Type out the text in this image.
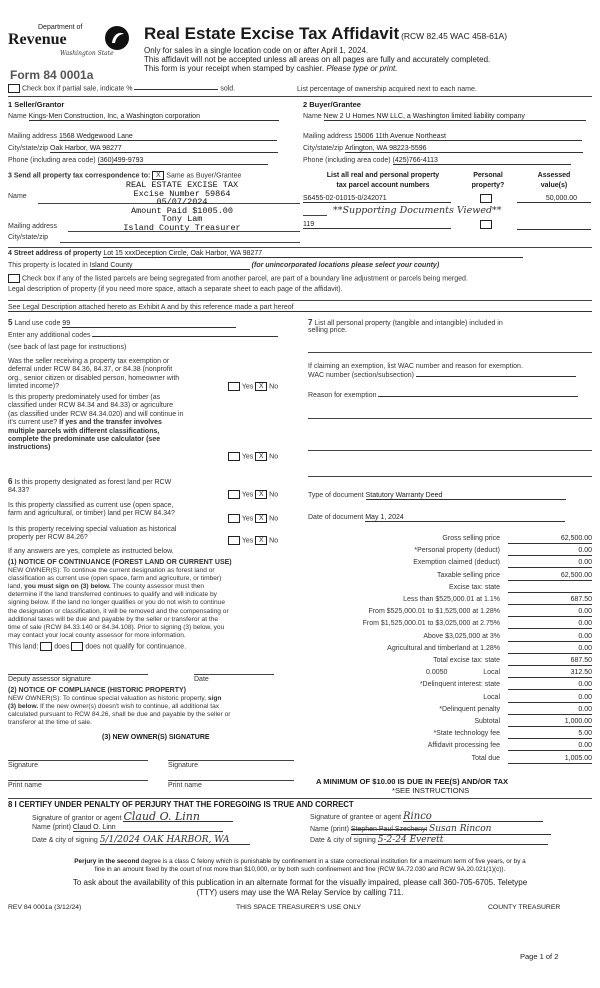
Department of
Revenue
Washington State
Form 84 0001a
Real Estate Excise Tax Affidavit (RCW 82.45 WAC 458-61A)
Only for sales in a single location code on or after April 1, 2024.
This affidavit will not be accepted unless all areas on all pages are fully and accurately completed.
This form is your receipt when stamped by cashier. Please type or print.
Check box if partial sale, indicate %	sold.	List percentage of ownership acquired next to each name.
1 Seller/Grantor
Name Kings-Men Construction, Inc, a Washington corporation
Mailing address 1568 Wedgewood Lane
City/state/zip Oak Harbor, WA 98277
Phone (including area code) (360)499-9793
2 Buyer/Grantee
Name New 2 U Homes NW LLC, a Washington limited liability company
Mailing address 15006 11th Avenue Northeast
City/state/zip Arlington, WA 98223-5596
Phone (including area code) (425)766-4113
3 Send all property tax correspondence to: X Same as Buyer/Grantee
Name
Mailing address
City/state/zip
REAL ESTATE EXCISE TAX
Excise Number 59864
05/07/2024
Amount Paid $1005.00
Tony Lam
Island County Treasurer
List all real and personal property
tax parcel account numbers
Personal
property?
Assessed
value(s)
S6455-02-01015-0/242071	50,000.00
**Supporting Documents Viewed**
119
4 Street address of property Lot 15 xxxDeception Circle, Oak Harbor, WA 98277
This property is located in Island County	(for unincorporated locations please select your county)
Check box if any of the listed parcels are being segregated from another parcel, are part of a boundary line adjustment or parcels being merged.
Legal description of property (if you need more space, attach a separate sheet to each page of the affidavit).
See Legal Description attached hereto as Exhibit A and by this reference made a part hereof
5 Land use code 99
Enter any additional codes
(see back of last page for instructions)
Was the seller receiving a property tax exemption or
deferral under RCW 84.36, 84.37, or 84.38 (nonprofit
org., senior citizen or disabled person, homeowner with
limited income)?	Yes X No
Is this property predominately used for timber (as
classified under RCW 84.34 and 84.33) or agriculture
(as classified under RCW 84.34.020) and will continue in
it's current use? If yes and the transfer involves
multiple parcels with different classifications,
complete the predominate use calculator (see
instructions)
Yes X No
7 List all personal property (tangible and intangible) included in
selling price.
If claiming an exemption, list WAC number and reason for exemption.
WAC number (section/subsection)
Reason for exemption
Type of document Statutory Warranty Deed
Date of document May 1, 2024
6 Is this property designated as forest land per RCW
84.33?
Yes X No
Is this property classified as current use (open space,
farm and agricultural, or timber) land per RCW 84.34?
Yes X No
Is this property receiving special valuation as historical
property per RCW 84.26?	Yes X No
If any answers are yes, complete as instructed below.
(1) NOTICE OF CONTINUANCE (FOREST LAND OR CURRENT USE)
NEW OWNER(S): To continue the current designation as forest land or
classification as current use (open space, farm and agriculture, or timber)
land, you must sign on (3) below. The county assessor must then
determine if the land transferred continues to qualify and will indicate by
signing below. If the land no longer qualifies or you do not wish to continue
the designation or classification, it will be removed and the compensating or
additional taxes will be due and payable by the seller or transferor at the
time of sale (RCW 84.33.140 or 84.34.108). Prior to signing (3) below, you
may contact your local county assessor for more information.
This land: does does not qualify for continuance.
Deputy assessor signature	Date
(2) NOTICE OF COMPLIANCE (HISTORIC PROPERTY)
NEW OWNER(S): To continue special valuation as historic property, sign
(3) below. If the new owner(s) doesn't wish to continue, all additional tax
calculated pursuant to RCW 84.26, shall be due and payable by the seller or
transferor at the time of sale.
(3) NEW OWNER(S) SIGNATURE
Signature	Signature
Print name	Print name
Gross selling price	62,500.00
*Personal property (deduct)	0.00
Exemption claimed (deduct)	0.00
Taxable selling price	62,500.00
Excise tax: state
Less than $525,000.01 at 1.1%	687.50
From $525,000.01 to $1,525,000 at 1.28%	0.00
From $1,525,000.01 to $3,025,000 at 2.75%	0.00
Above $3,025,000 at 3%	0.00
Agricultural and timberland at 1.28%	0.00
Total excise tax: state	687.50
Local
0.0050	312.50
*Delinquent interest: state	0.00
Local	0.00
*Delinquent penalty	0.00
Subtotal	1,000.00
*State technology fee	5.00
Affidavit processing fee	0.00
Total due	1,005.00
A MINIMUM OF $10.00 IS DUE IN FEE(S) AND/OR TAX
*SEE INSTRUCTIONS
8 I CERTIFY UNDER PENALTY OF PERJURY THAT THE FOREGOING IS TRUE AND CORRECT
Signature of grantor or agent Claud O. Linn
Name (print) Claud O. Linn
Date & city of signing 5/1/2024 OAK HARBOR, WA
Signature of grantee or agent Rinco
Name (print) Stephen Paul Szechenyi Susan Rincon
Date & city of signing 5-2-24 Everett
Perjury in the second degree is a class C felony which is punishable by confinement in a state correctional institution for a maximum term of five years, or by a
fine in an amount fixed by the court of not more than $10,000, or by both such confinement and fine (RCW 9A.72.030 and RCW 9A.20.021(1)(c)).
To ask about the availability of this publication in an alternate format for the visually impaired, please call 360-705-6705. Teletype
(TTY) users may use the WA Relay Service by calling 711.
REV 84 0001a (3/12/24)	THIS SPACE TREASURER'S USE ONLY	COUNTY TREASURER
Page 1 of 2
